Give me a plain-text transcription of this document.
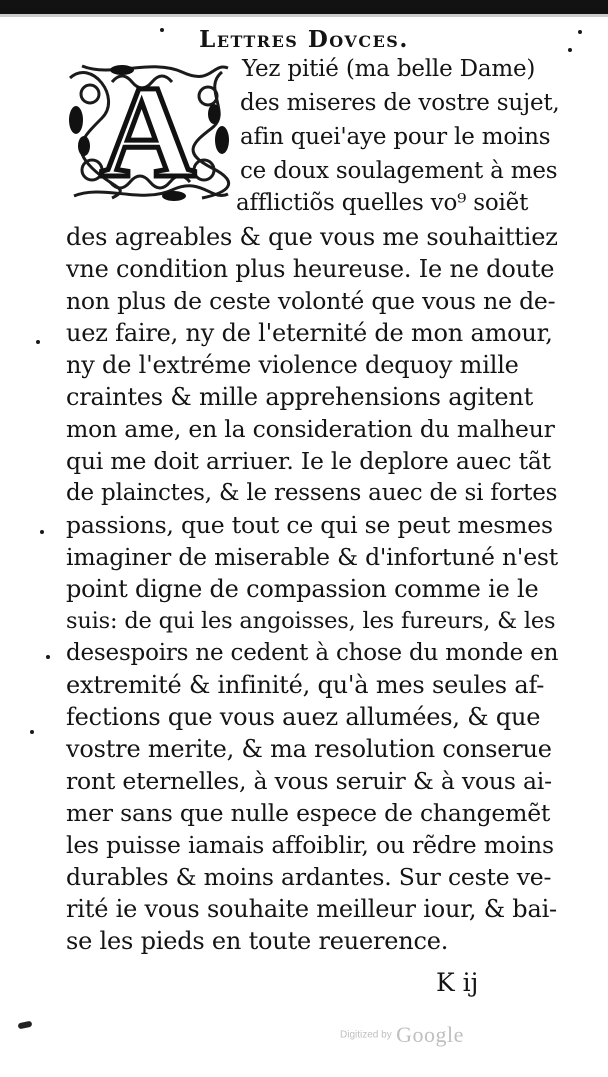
Lettres Dovces.
A Yez pitié (ma belle Dame)
des miseres de vostre sujet,
afin quei'aye pour le moins
ce doux soulagement à mes
afflictiõs quelles vo⁹ soiẽt
des agreables & que vous me souhaittiez
vne condition plus heureuse. Ie ne doute
non plus de ceste volonté que vous ne de-
uez faire, ny de l'eternité de mon amour,
ny de l'extréme violence dequoy mille
craintes & mille apprehensions agitent
mon ame, en la consideration du malheur
qui me doit arriuer. Ie le deplore auec tãt
de plainctes, & le ressens auec de si fortes
passions, que tout ce qui se peut mesmes
imaginer de miserable & d'infortuné n'est
point digne de compassion comme ie le
suis: de qui les angoisses, les fureurs, & les
desespoirs ne cedent à chose du monde en
extremité & infinité, qu'à mes seules af-
fections que vous auez allumées, & que
vostre merite, & ma resolution conserue
ront eternelles, à vous seruir & à vous ai-
mer sans que nulle espece de changemẽt
les puisse iamais affoiblir, ou rẽdre moins
durables & moins ardantes. Sur ceste ve-
rité ie vous souhaite meilleur iour, & bai-
se les pieds en toute reuerence.
K ij
Digitized by Google
